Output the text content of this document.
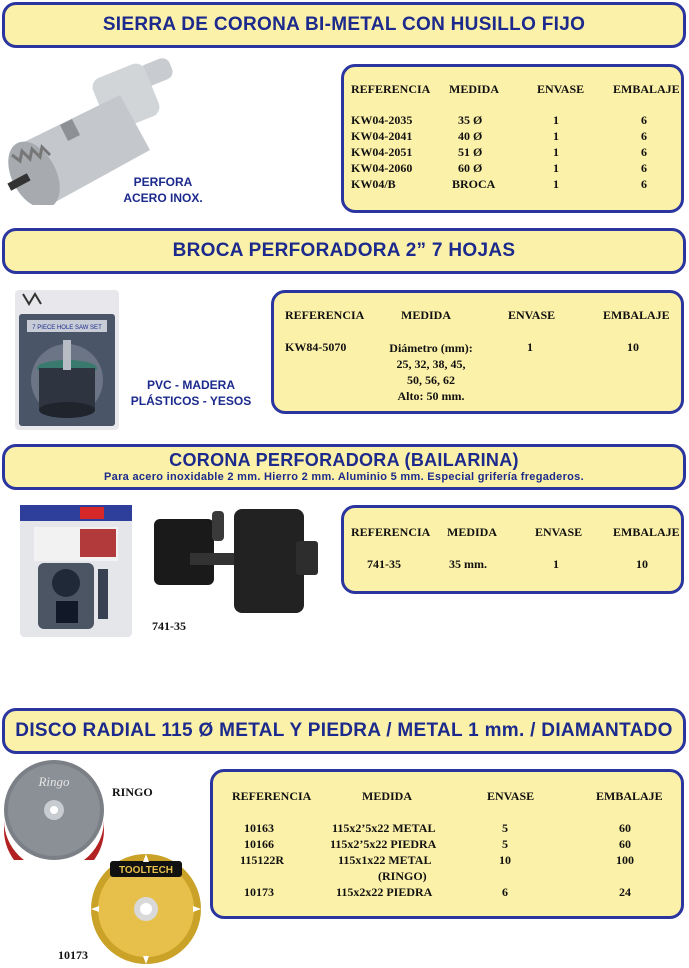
SIERRA DE CORONA BI-METAL CON HUSILLO FIJO
PERFORA
ACERO INOX.
REFERENCIA MEDIDA	ENVASE EMBALAJE
KW04-2035	35 Ø	1	6
KW04-2041	40 Ø	1	6
KW04-2051	51 Ø	1	6
KW04-2060	60 Ø	1	6
KW04/B	BROCA	1	6
BROCA PERFORADORA 2” 7 HOJAS
7 PIECE HOLE SAW SET
PVC - MADERA
PLÁSTICOS - YESOS
REFERENCIA	MEDIDA	ENVASE	EMBALAJE
KW84-5070	Diámetro (mm):
25, 32, 38, 45,
50, 56, 62
Alto: 50 mm.
1	10
CORONA PERFORADORA (BAILARINA)
Para acero inoxidable 2 mm. Hierro 2 mm. Aluminio 5 mm. Especial grifería fregaderos.
741-35
REFERENCIA MEDIDA	ENVASE	EMBALAJE
741-35	35 mm.	1	10
DISCO RADIAL 115 Ø METAL Y PIEDRA / METAL 1 mm. / DIAMANTADO
Ringo
RINGO
TOOLTECH
10173
REFERENCIA	MEDIDA	ENVASE	EMBALAJE
10163	115x2’5x22 METAL	5	60
10166	115x2’5x22 PIEDRA	5	60
115122R	115x1x22 METAL	10	100
(RINGO)
10173	115x2x22 PIEDRA	6	24
